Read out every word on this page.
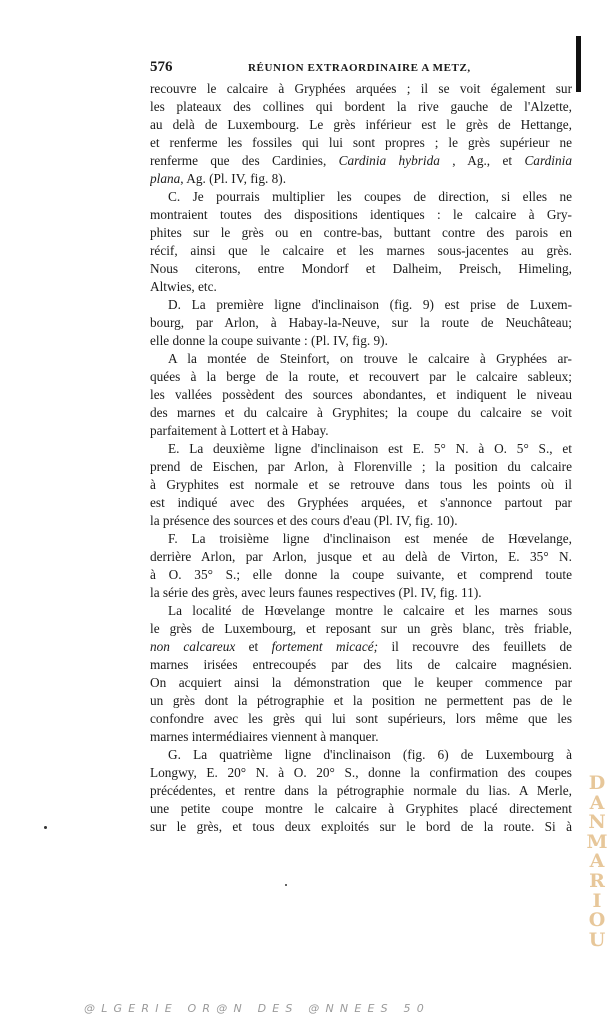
576	RÉUNION EXTRAORDINAIRE A METZ,
recouvre le calcaire à Gryphées arquées ; il se voit également sur
les plateaux des collines qui bordent la rive gauche de l'Alzette,
au delà de Luxembourg. Le grès inférieur est le grès de Hettange,
et renferme les fossiles qui lui sont propres ; le grès supérieur ne
renferme que des Cardinies, Cardinia hybrida , Ag., et Cardinia
plana, Ag. (Pl. IV, fig. 8).
C. Je pourrais multiplier les coupes de direction, si elles ne
montraient toutes des dispositions identiques : le calcaire à Gry-
phites sur le grès ou en contre-bas, buttant contre des parois en
récif, ainsi que le calcaire et les marnes sous-jacentes au grès.
Nous citerons, entre Mondorf et Dalheim, Preisch, Himeling,
Altwies, etc.
D. La première ligne d'inclinaison (fig. 9) est prise de Luxem-
bourg, par Arlon, à Habay-la-Neuve, sur la route de Neuchâteau;
elle donne la coupe suivante : (Pl. IV, fig. 9).
A la montée de Steinfort, on trouve le calcaire à Gryphées ar-
quées à la berge de la route, et recouvert par le calcaire sableux;
les vallées possèdent des sources abondantes, et indiquent le niveau
des marnes et du calcaire à Gryphites; la coupe du calcaire se voit
parfaitement à Lottert et à Habay.
E. La deuxième ligne d'inclinaison est E. 5° N. à O. 5° S., et
prend de Eischen, par Arlon, à Florenville ; la position du calcaire
à Gryphites est normale et se retrouve dans tous les points où il
est indiqué avec des Gryphées arquées, et s'annonce partout par
la présence des sources et des cours d'eau (Pl. IV, fig. 10).
F. La troisième ligne d'inclinaison est menée de Hœvelange,
derrière Arlon, par Arlon, jusque et au delà de Virton, E. 35° N.
à O. 35° S.; elle donne la coupe suivante, et comprend toute
la série des grès, avec leurs faunes respectives (Pl. IV, fig. 11).
La localité de Hœvelange montre le calcaire et les marnes sous
le grès de Luxembourg, et reposant sur un grès blanc, très friable,
non calcareux et fortement micacé; il recouvre des feuillets de
marnes irisées entrecoupés par des lits de calcaire magnésien.
On acquiert ainsi la démonstration que le keuper commence par
un grès dont la pétrographie et la position ne permettent pas de le
confondre avec les grès qui lui sont supérieurs, lors même que les
marnes intermédiaires viennent à manquer.
G. La quatrième ligne d'inclinaison (fig. 6) de Luxembourg à
Longwy, E. 20° N. à O. 20° S., donne la confirmation des coupes
précédentes, et rentre dans la pétrographie normale du lias. A Merle,
une petite coupe montre le calcaire à Gryphites placé directement
sur le grès, et tous deux exploités sur le bord de la route. Si à
D
A
N
M
A
R
I
O
U
@LGERIE OR@N DES @NNEES 50
